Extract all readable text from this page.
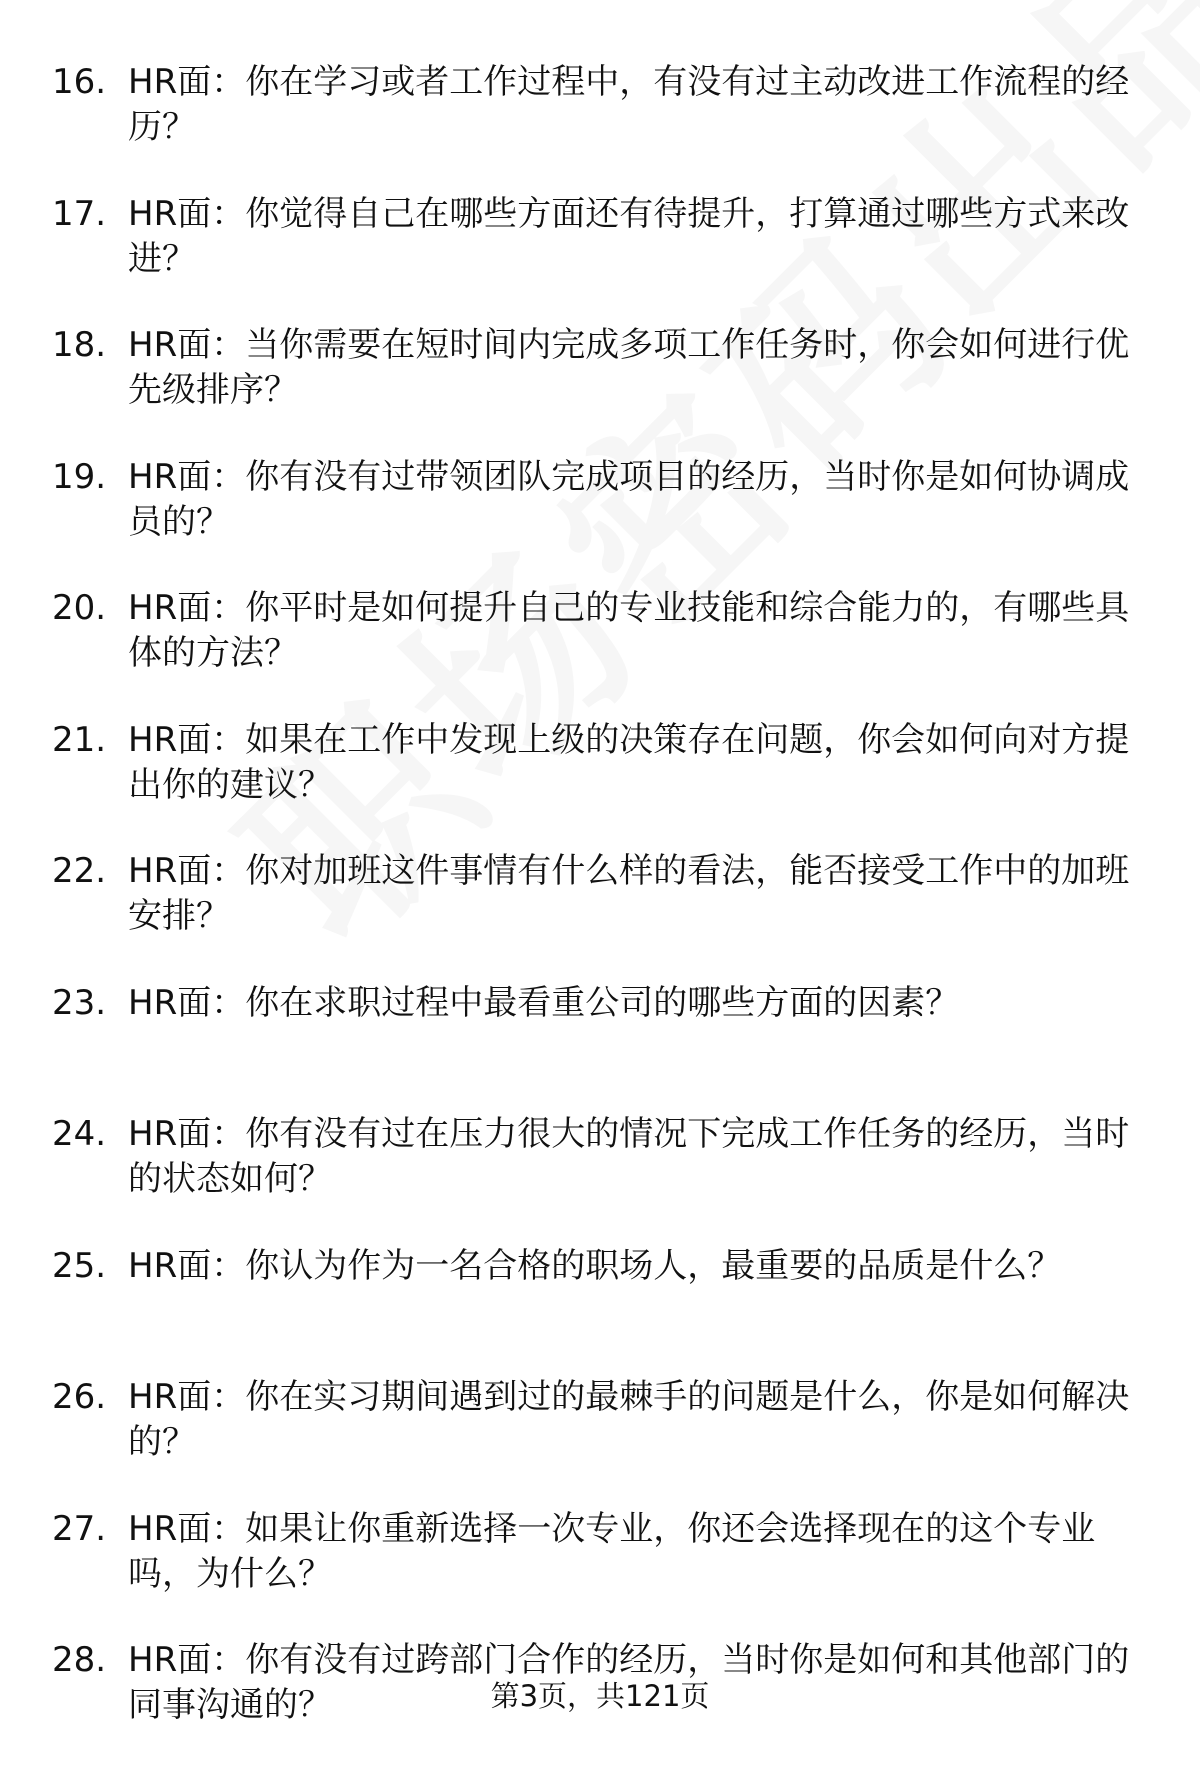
16. HR面：你在学习或者工作过程中，有没有过主动改进工作流程的经历？
17. HR面：你觉得自己在哪些方面还有待提升，打算通过哪些方式来改进？
18. HR面：当你需要在短时间内完成多项工作任务时，你会如何进行优先级排序？
19. HR面：你有没有过带领团队完成项目的经历，当时你是如何协调成员的？
20. HR面：你平时是如何提升自己的专业技能和综合能力的，有哪些具体的方法？
21. HR面：如果在工作中发现上级的决策存在问题，你会如何向对方提出你的建议？
22. HR面：你对加班这件事情有什么样的看法，能否接受工作中的加班安排？
23. HR面：你在求职过程中最看重公司的哪些方面的因素？
24. HR面：你有没有过在压力很大的情况下完成工作任务的经历，当时的状态如何？
25. HR面：你认为作为一名合格的职场人，最重要的品质是什么？
26. HR面：你在实习期间遇到过的最棘手的问题是什么，你是如何解决的？
27. HR面：如果让你重新选择一次专业，你还会选择现在的这个专业吗，为什么？
28. HR面：你有没有过跨部门合作的经历，当时你是如何和其他部门的同事沟通的？	第3页，共121页
